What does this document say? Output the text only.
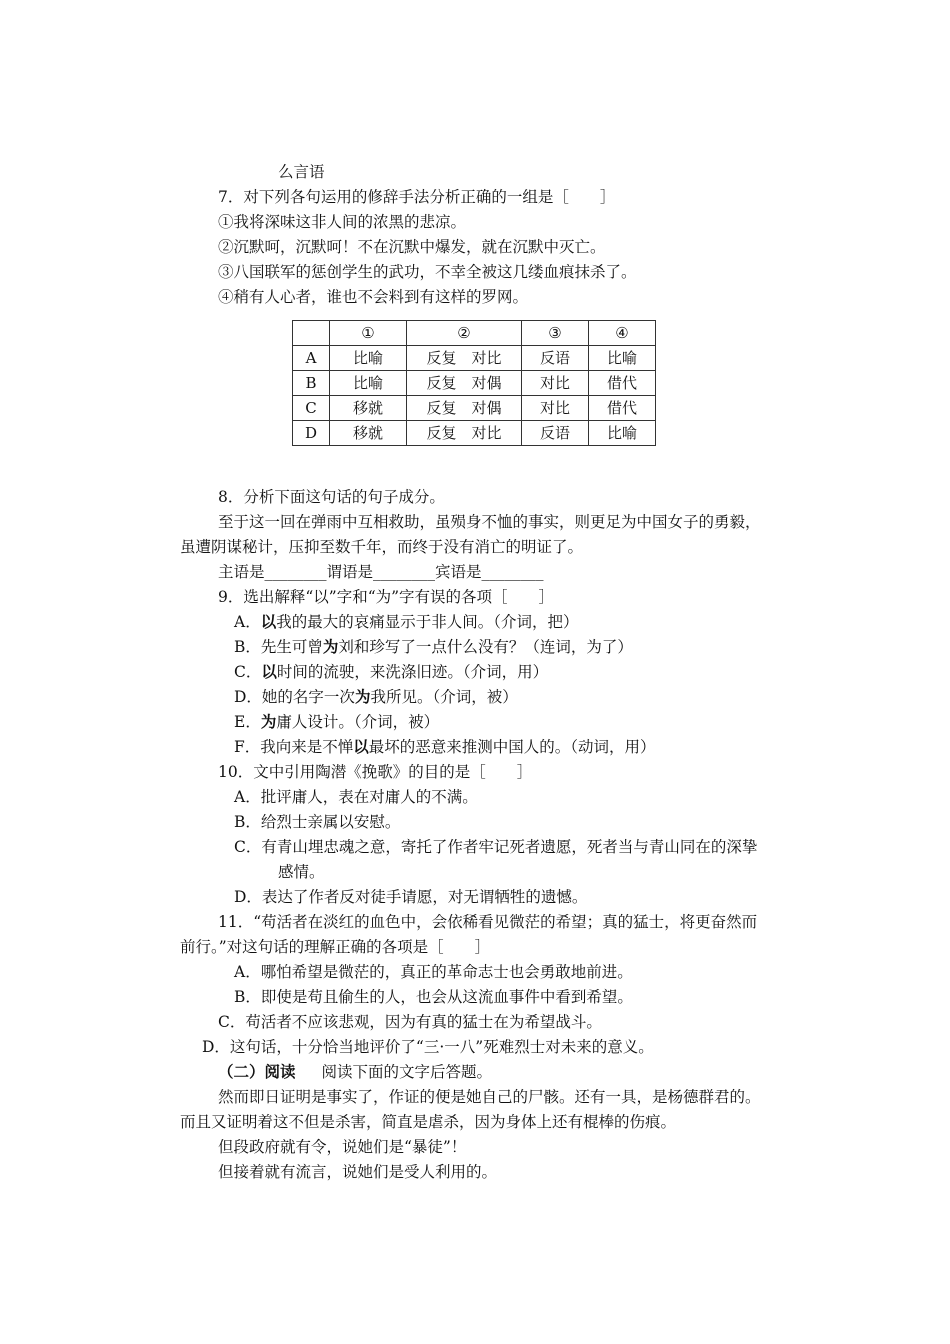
么言语
7．对下列各句运用的修辞手法分析正确的一组是［　　］
①我将深味这非人间的浓黑的悲凉。
②沉默呵，沉默呵！不在沉默中爆发，就在沉默中灭亡。
③八国联军的惩创学生的武功，不幸全被这几缕血痕抹杀了。
④稍有人心者，谁也不会料到有这样的罗网。
	①	②	③	④
A	比喻	反复　对比	反语	比喻
B	比喻	反复　对偶	对比	借代
C	移就	反复　对偶	对比	借代
D	移就	反复　对比	反语	比喻
8．分析下面这句话的句子成分。
至于这一回在弹雨中互相救助，虽殒身不恤的事实，则更足为中国女子的勇毅，
虽遭阴谋秘计，压抑至数千年，而终于没有消亡的明证了。
主语是________谓语是________宾语是________
9．选出解释“以”字和“为”字有误的各项［　　］
A．以我的最大的哀痛显示于非人间。（介词，把）
B．先生可曾为刘和珍写了一点什么没有？（连词，为了）
C．以时间的流驶，来洗涤旧迹。（介词，用）
D．她的名字一次为我所见。（介词，被）
E．为庸人设计。（介词，被）
F．我向来是不惮以最坏的恶意来推测中国人的。（动词，用）
10．文中引用陶潜《挽歌》的目的是［　　］
A．批评庸人，表在对庸人的不满。
B．给烈士亲属以安慰。
C．有青山埋忠魂之意，寄托了作者牢记死者遗愿，死者当与青山同在的深挚
感情。
D．表达了作者反对徒手请愿，对无谓牺牲的遗憾。
11．“苟活者在淡红的血色中，会依稀看见微茫的希望；真的猛士，将更奋然而
前行。”对这句话的理解正确的各项是［　　］
A．哪怕希望是微茫的，真正的革命志士也会勇敢地前进。
B．即使是苟且偷生的人，也会从这流血事件中看到希望。
C．苟活者不应该悲观，因为有真的猛士在为希望战斗。
D．这句话，十分恰当地评价了“三·一八”死难烈士对未来的意义。
（二）阅读 阅读下面的文字后答题。
然而即日证明是事实了，作证的便是她自己的尸骸。还有一具，是杨德群君的。
而且又证明着这不但是杀害，简直是虐杀，因为身体上还有棍棒的伤痕。
但段政府就有令，说她们是“暴徒”！
但接着就有流言，说她们是受人利用的。
